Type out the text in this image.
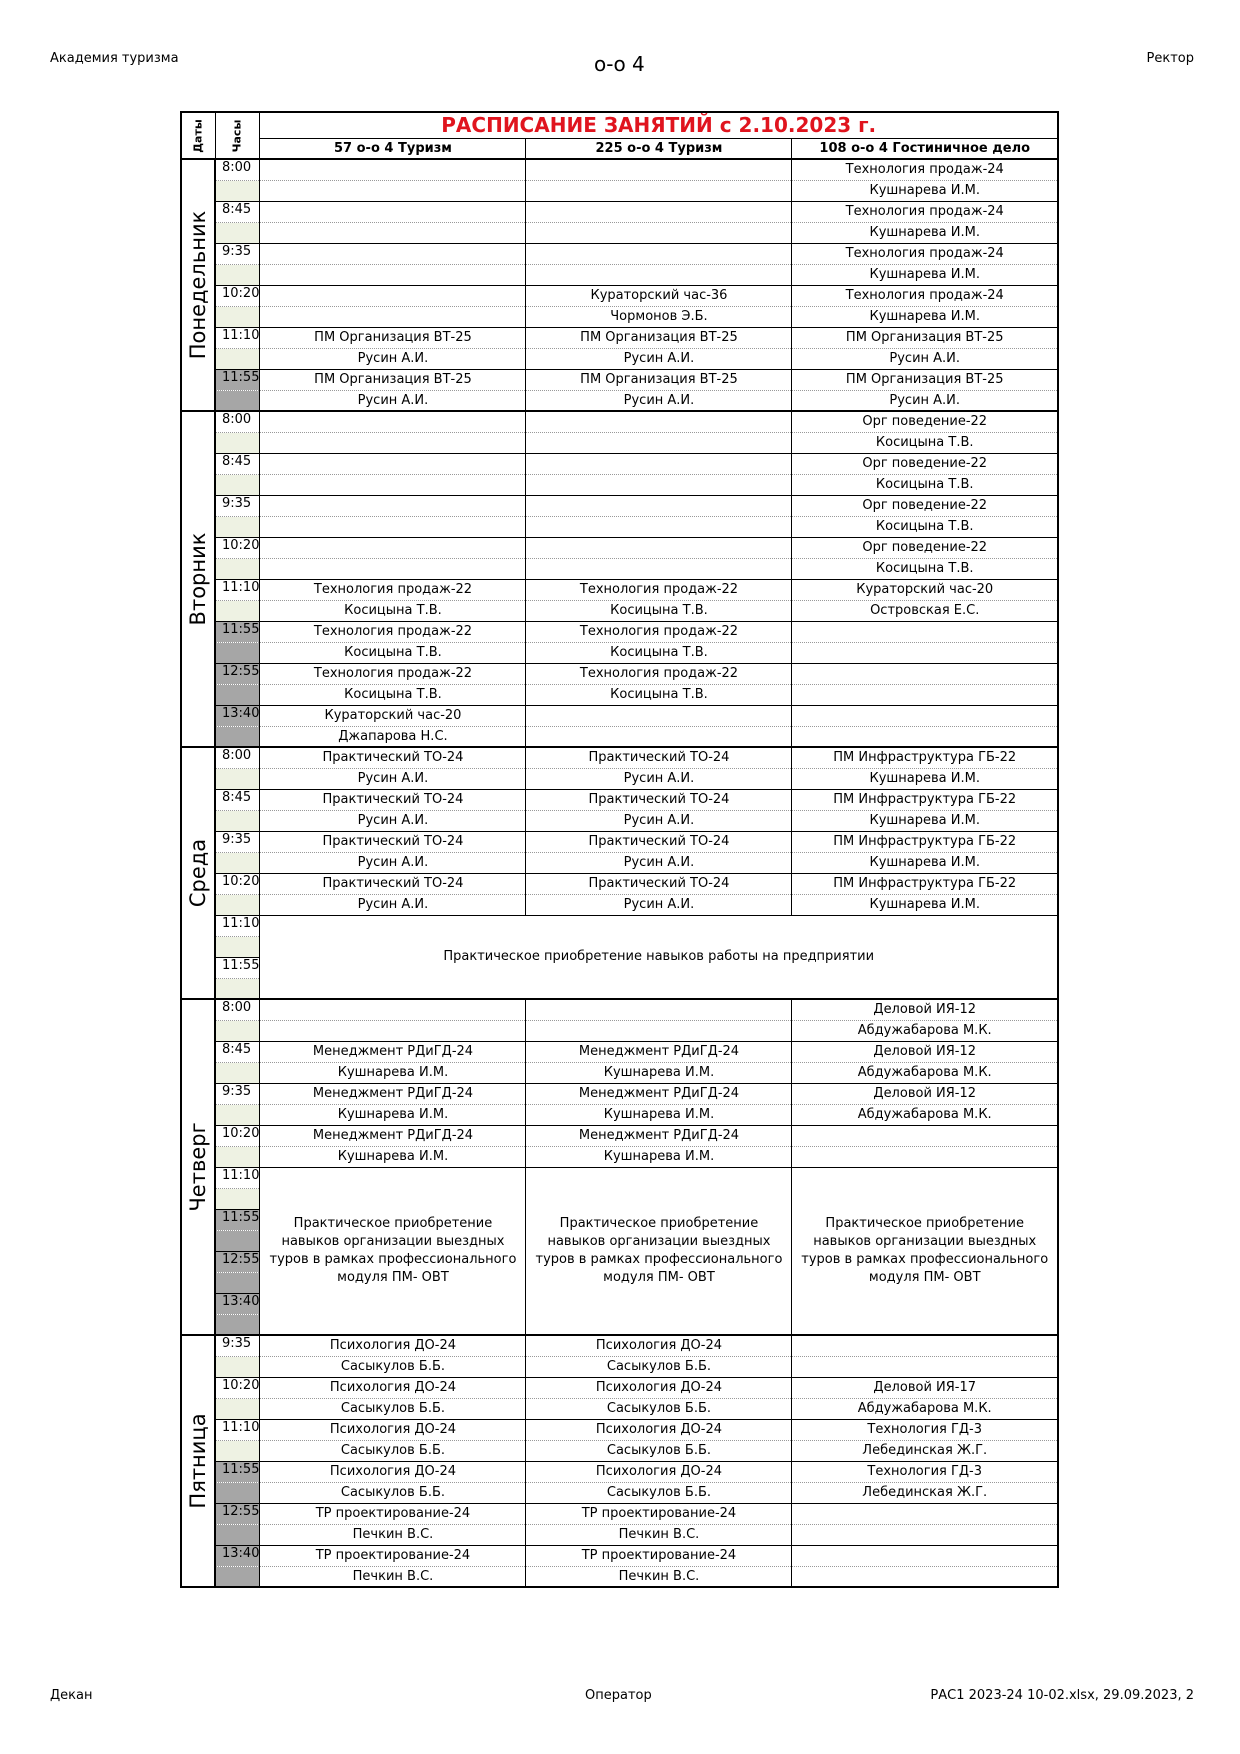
Академия туризма	о-о 4	Ректор
Даты	Часы	РАСПИСАНИЕ ЗАНЯТИЙ с 2.10.2023 г.		
		57 о-о 4 Туризм	225 о-о 4 Туризм	108 о-о 4 Гостиничное дело

Понедельник	8:00			Технология продаж-24
				Кушнарева И.М.
	8:45			Технология продаж-24
				Кушнарева И.М.
	9:35			Технология продаж-24
				Кушнарева И.М.
	10:20		Кураторский час-36	Технология продаж-24
			Чормонов Э.Б.	Кушнарева И.М.
	11:10	ПМ Организация ВТ-25	ПМ Организация ВТ-25	ПМ Организация ВТ-25
		Русин А.И.	Русин А.И.	Русин А.И.
	11:55	ПМ Организация ВТ-25	ПМ Организация ВТ-25	ПМ Организация ВТ-25
		Русин А.И.	Русин А.И.	Русин А.И.

Вторник	8:00			Орг поведение-22
				Косицына Т.В.
	8:45			Орг поведение-22
				Косицына Т.В.
	9:35			Орг поведение-22
				Косицына Т.В.
	10:20			Орг поведение-22
				Косицына Т.В.
	11:10	Технология продаж-22	Технология продаж-22	Кураторский час-20
		Косицына Т.В.	Косицына Т.В.	Островская Е.С.
	11:55	Технология продаж-22	Технология продаж-22	
		Косицына Т.В.	Косицына Т.В.	
	12:55	Технология продаж-22	Технология продаж-22	
		Косицына Т.В.	Косицына Т.В.	
	13:40	Кураторский час-20		
		Джапарова Н.С.		

Среда	8:00	Практический ТО-24	Практический ТО-24	ПМ Инфраструктура ГБ-22
		Русин А.И.	Русин А.И.	Кушнарева И.М.
	8:45	Практический ТО-24	Практический ТО-24	ПМ Инфраструктура ГБ-22
		Русин А.И.	Русин А.И.	Кушнарева И.М.
	9:35	Практический ТО-24	Практический ТО-24	ПМ Инфраструктура ГБ-22
		Русин А.И.	Русин А.И.	Кушнарева И.М.
	10:20	Практический ТО-24	Практический ТО-24	ПМ Инфраструктура ГБ-22
		Русин А.И.	Русин А.И.	Кушнарева И.М.
	11:10	Практическое приобретение навыков работы на предприятии		

	11:55			

Четверг	8:00			Деловой ИЯ-12
				Абдужабарова М.К.
	8:45	Менеджмент РДиГД-24	Менеджмент РДиГД-24	Деловой ИЯ-12
		Кушнарева И.М.	Кушнарева И.М.	Абдужабарова М.К.
	9:35	Менеджмент РДиГД-24	Менеджмент РДиГД-24	Деловой ИЯ-12
		Кушнарева И.М.	Кушнарева И.М.	Абдужабарова М.К.
	10:20	Менеджмент РДиГД-24	Менеджмент РДиГД-24	
		Кушнарева И.М.	Кушнарева И.М.	
	11:10	Практическое приобретение навыков организации выездных туров в рамках профессионального модуля ПМ- ОВТ	Практическое приобретение навыков организации выездных туров в рамках профессионального модуля ПМ- ОВТ	Практическое приобретение навыков организации выездных туров в рамках профессионального модуля ПМ- ОВТ

	11:55			

	12:55			

	13:40			

Пятница	9:35	Психология ДО-24	Психология ДО-24	
		Сасыкулов Б.Б.	Сасыкулов Б.Б.	
	10:20	Психология ДО-24	Психология ДО-24	Деловой ИЯ-17
		Сасыкулов Б.Б.	Сасыкулов Б.Б.	Абдужабарова М.К.
	11:10	Психология ДО-24	Психология ДО-24	Технология ГД-3
		Сасыкулов Б.Б.	Сасыкулов Б.Б.	Лебединская Ж.Г.
	11:55	Психология ДО-24	Психология ДО-24	Технология ГД-3
		Сасыкулов Б.Б.	Сасыкулов Б.Б.	Лебединская Ж.Г.
	12:55	ТР проектирование-24	ТР проектирование-24	
		Печкин В.С.	Печкин В.С.	
	13:40	ТР проектирование-24	ТР проектирование-24	
		Печкин В.С.	Печкин В.С.	
Декан	Оператор	РАС1 2023-24 10-02.xlsx, 29.09.2023, 2
